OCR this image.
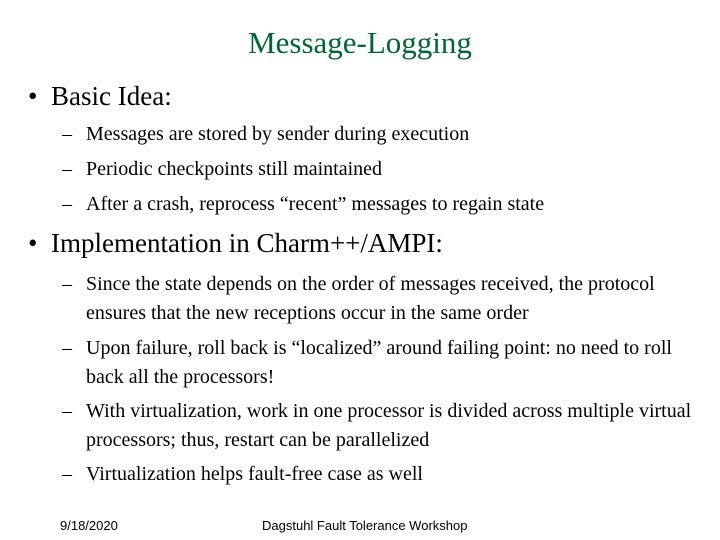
Message-Logging
• Basic Idea:
– Messages are stored by sender during execution
– Periodic checkpoints still maintained
– After a crash, reprocess “recent” messages to regain state
• Implementation in Charm++/AMPI:
– Since the state depends on the order of messages received, the protocol ensures that the new receptions occur in the same order
– Upon failure, roll back is “localized” around failing point: no need to roll back all the processors!
– With virtualization, work in one processor is divided across multiple virtual processors; thus, restart can be parallelized
– Virtualization helps fault-free case as well
9/18/2020	Dagstuhl Fault Tolerance Workshop
